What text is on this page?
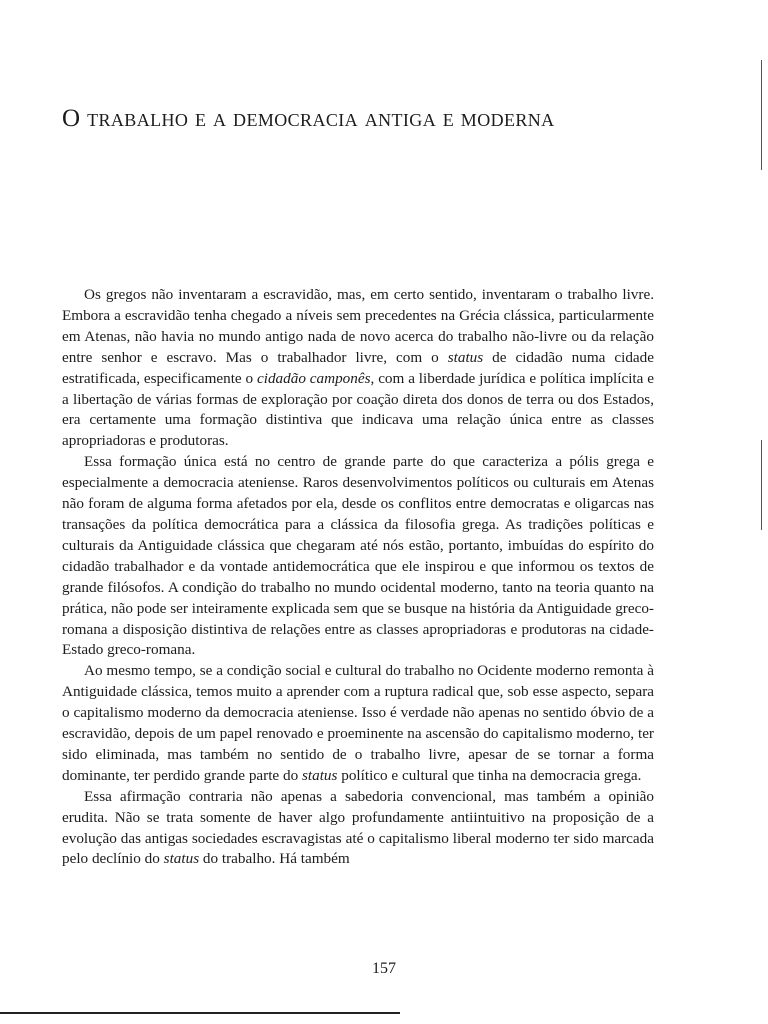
O trabalho e a democracia antiga e moderna

Os gregos não inventaram a escravidão, mas, em certo sentido, inventaram o trabalho livre. Embora a escravidão tenha chegado a níveis sem precedentes na Grécia clássica, particularmente em Atenas, não havia no mundo antigo nada de novo acerca do trabalho não-livre ou da relação entre senhor e escravo. Mas o trabalhador livre, com o status de cidadão numa cidade estratificada, especificamente o cidadão camponês, com a liberdade jurídica e política implícita e a libertação de várias formas de exploração por coação direta dos donos de terra ou dos Estados, era certamente uma formação distintiva que indicava uma relação única entre as classes apropriadoras e produtoras.

Essa formação única está no centro de grande parte do que caracteriza a pólis grega e especialmente a democracia ateniense. Raros desenvolvimentos políticos ou culturais em Atenas não foram de alguma forma afetados por ela, desde os conflitos entre democratas e oligarcas nas transações da política democrática para a clássica da filosofia grega. As tradições políticas e culturais da Antiguidade clássica que chegaram até nós estão, portanto, imbuídas do espírito do cidadão trabalhador e da vontade antidemocrática que ele inspirou e que informou os textos de grande filósofos. A condição do trabalho no mundo ocidental moderno, tanto na teoria quanto na prática, não pode ser inteiramente explicada sem que se busque na história da Antiguidade greco-romana a disposição distintiva de relações entre as classes apropriadoras e produtoras na cidade-Estado greco-romana.

Ao mesmo tempo, se a condição social e cultural do trabalho no Ocidente moderno remonta à Antiguidade clássica, temos muito a aprender com a ruptura radical que, sob esse aspecto, separa o capitalismo moderno da democracia ateniense. Isso é verdade não apenas no sentido óbvio de a escravidão, depois de um papel renovado e proeminente na ascensão do capitalismo moderno, ter sido eliminada, mas também no sentido de o trabalho livre, apesar de se tornar a forma dominante, ter perdido grande parte do status político e cultural que tinha na democracia grega.

Essa afirmação contraria não apenas a sabedoria convencional, mas também a opinião erudita. Não se trata somente de haver algo profundamente antiintuitivo na proposição de a evolução das antigas sociedades escravagistas até o capitalismo liberal moderno ter sido marcada pelo declínio do status do trabalho. Há também

157
